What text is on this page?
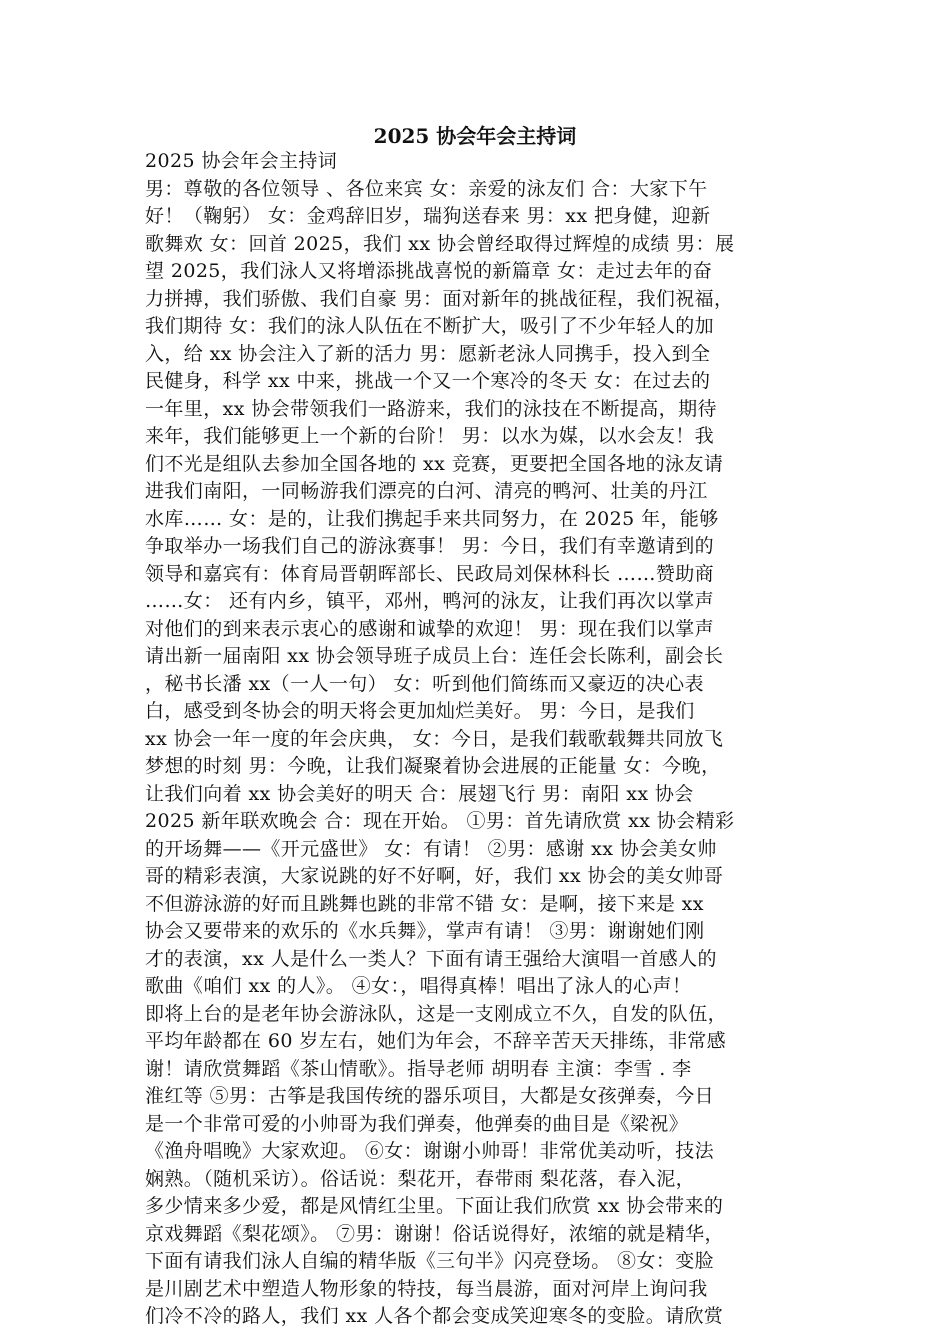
2025 协会年会主持词
2025 协会年会主持词
男：尊敬的各位领导 、各位来宾 女：亲爱的泳友们 合：大家下午
好！（鞠躬） 女：金鸡辞旧岁，瑞狗送春来 男：xx 把身健，迎新
歌舞欢 女：回首 2025，我们 xx 协会曾经取得过辉煌的成绩 男：展
望 2025，我们泳人又将增添挑战喜悦的新篇章 女：走过去年的奋
力拼搏，我们骄傲、我们自豪 男：面对新年的挑战征程，我们祝福，
我们期待 女：我们的泳人队伍在不断扩大，吸引了不少年轻人的加
入，给 xx 协会注入了新的活力 男：愿新老泳人同携手，投入到全
民健身，科学 xx 中来，挑战一个又一个寒冷的冬天 女：在过去的
一年里，xx 协会带领我们一路游来，我们的泳技在不断提高，期待
来年，我们能够更上一个新的台阶！ 男：以水为媒，以水会友！我
们不光是组队去参加全国各地的 xx 竞赛，更要把全国各地的泳友请
进我们南阳，一同畅游我们漂亮的白河、清亮的鸭河、壮美的丹江
水库…… 女：是的，让我们携起手来共同努力，在 2025 年，能够
争取举办一场我们自己的游泳赛事！ 男：今日，我们有幸邀请到的
领导和嘉宾有：体育局晋朝晖部长、民政局刘保林科长 ……赞助商
……女： 还有内乡，镇平，邓州，鸭河的泳友，让我们再次以掌声
对他们的到来表示衷心的感谢和诚挚的欢迎！ 男：现在我们以掌声
请出新一届南阳 xx 协会领导班子成员上台：连任会长陈利，副会长
，秘书长潘 xx（一人一句） 女：听到他们简练而又豪迈的决心表
白，感受到冬协会的明天将会更加灿烂美好。 男：今日，是我们
xx 协会一年一度的年会庆典， 女：今日，是我们载歌载舞共同放飞
梦想的时刻 男：今晚，让我们凝聚着协会进展的正能量 女：今晚，
让我们向着 xx 协会美好的明天 合：展翅飞行 男：南阳 xx 协会
2025 新年联欢晚会 合：现在开始。 ①男：首先请欣赏 xx 协会精彩
的开场舞——《开元盛世》 女：有请！ ②男：感谢 xx 协会美女帅
哥的精彩表演，大家说跳的好不好啊，好，我们 xx 协会的美女帅哥
不但游泳游的好而且跳舞也跳的非常不错 女：是啊，接下来是 xx
协会又要带来的欢乐的《水兵舞》，掌声有请！ ③男：谢谢她们刚
才的表演，xx 人是什么一类人？下面有请王强给大演唱一首感人的
歌曲《咱们 xx 的人》。 ④女：，唱得真棒！唱出了泳人的心声！
即将上台的是老年协会游泳队，这是一支刚成立不久，自发的队伍，
平均年龄都在 60 岁左右，她们为年会，不辞辛苦天天排练，非常感
谢！请欣赏舞蹈《茶山情歌》。指导老师 胡明春 主演：李雪 . 李
淮红等 ⑤男：古筝是我国传统的器乐项目，大都是女孩弹奏，今日
是一个非常可爱的小帅哥为我们弹奏，他弹奏的曲目是《梁祝》
《渔舟唱晚》大家欢迎。 ⑥女：谢谢小帅哥！非常优美动听，技法
娴熟。（随机采访）。俗话说：梨花开，春带雨 梨花落，春入泥，
多少情来多少爱，都是风情红尘里。下面让我们欣赏 xx 协会带来的
京戏舞蹈《梨花颂》。 ⑦男：谢谢！俗话说得好，浓缩的就是精华，
下面有请我们泳人自编的精华版《三句半》闪亮登场。 ⑧女：变脸
是川剧艺术中塑造人物形象的特技，每当晨游，面对河岸上询问我
们冷不冷的路人，我们 xx 人各个都会变成笑迎寒冬的变脸。请欣赏
